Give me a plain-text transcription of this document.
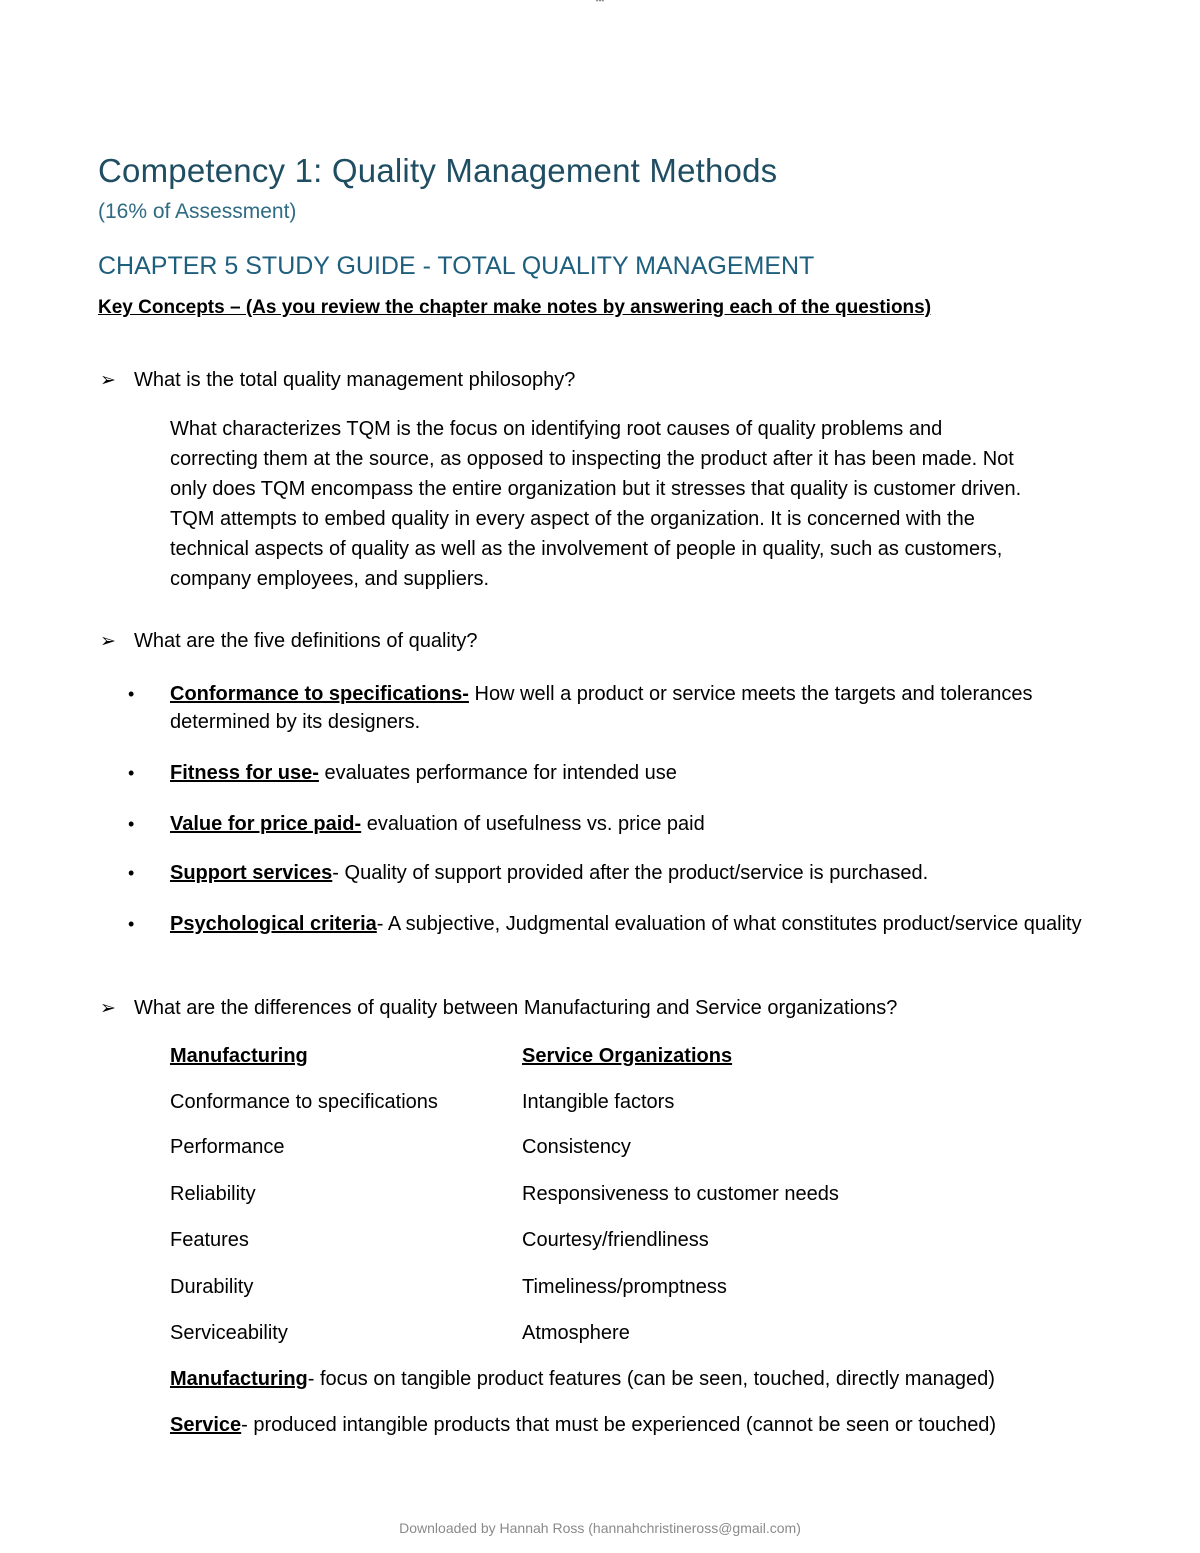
•••
Competency 1: Quality Management Methods
(16% of Assessment)
CHAPTER 5 STUDY GUIDE - TOTAL QUALITY MANAGEMENT
Key Concepts – (As you review the chapter make notes by answering each of the questions)
➢ What is the total quality management philosophy?
What characterizes TQM is the focus on identifying root causes of quality problems and
correcting them at the source, as opposed to inspecting the product after it has been made. Not
only does TQM encompass the entire organization but it stresses that quality is customer driven.
TQM attempts to embed quality in every aspect of the organization. It is concerned with the
technical aspects of quality as well as the involvement of people in quality, such as customers,
company employees, and suppliers.
➢ What are the five definitions of quality?
•	Conformance to specifications- How well a product or service meets the targets and tolerances determined by its designers.
•	Fitness for use- evaluates performance for intended use
•	Value for price paid- evaluation of usefulness vs. price paid
•	Support services- Quality of support provided after the product/service is purchased.
•	Psychological criteria- A subjective, Judgmental evaluation of what constitutes product/service quality
➢ What are the differences of quality between Manufacturing and Service organizations?
Manufacturing	Service Organizations
Conformance to specifications	Intangible factors
Performance	Consistency
Reliability	Responsiveness to customer needs
Features	Courtesy/friendliness
Durability	Timeliness/promptness
Serviceability	Atmosphere
Manufacturing- focus on tangible product features (can be seen, touched, directly managed)
Service- produced intangible products that must be experienced (cannot be seen or touched)
Downloaded by Hannah Ross (hannahchristineross@gmail.com)
